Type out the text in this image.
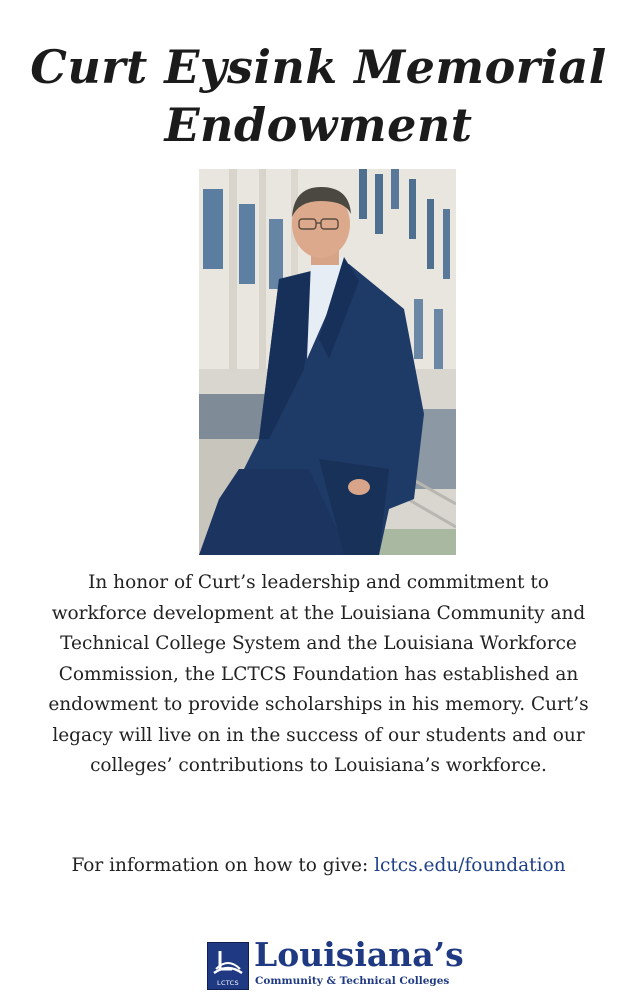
Curt Eysink Memorial
Endowment
In honor of Curt’s leadership and commitment to workforce development at the Louisiana Community and Technical College System and the Louisiana Workforce Commission, the LCTCS Foundation has established an endowment to provide scholarships in his memory. Curt’s legacy will live on in the success of our students and our colleges’ contributions to Louisiana’s workforce.
For information on how to give: lctcs.edu/foundation
LCTCS
Louisiana’s
Community & Technical Colleges
